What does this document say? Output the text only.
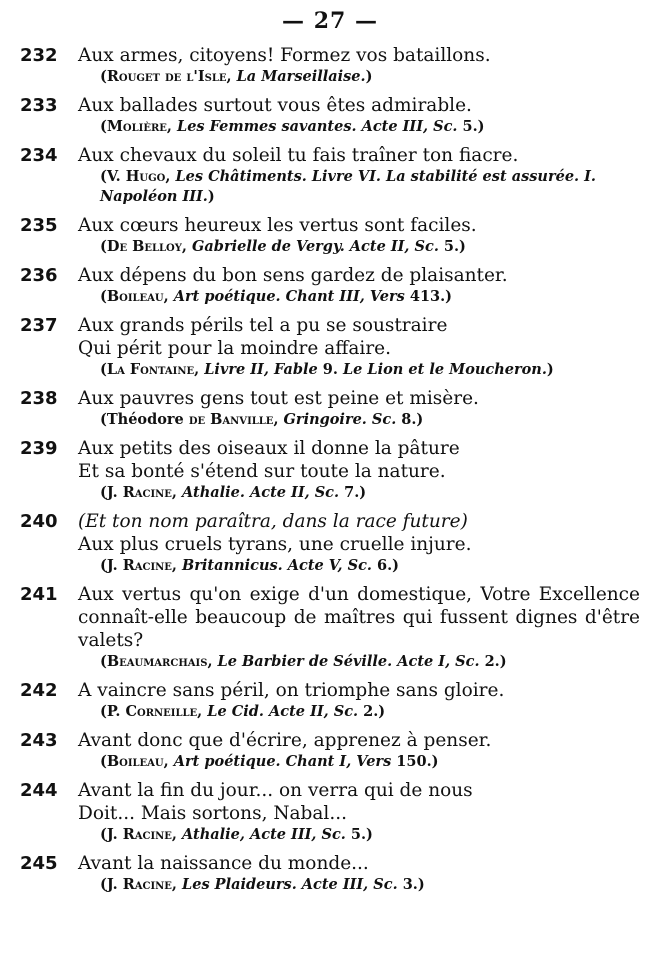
— 27 —
232 Aux armes, citoyens! Formez vos bataillons.
(Rouget de l'Isle, La Marseillaise.)
233 Aux ballades surtout vous êtes admirable.
(Molière, Les Femmes savantes. Acte III, Sc. 5.)
234 Aux chevaux du soleil tu fais traîner ton fiacre.
(V. Hugo, Les Châtiments. Livre VI. La stabilité est assurée. I. Napoléon III.)
235 Aux cœurs heureux les vertus sont faciles.
(De Belloy, Gabrielle de Vergy. Acte II, Sc. 5.)
236 Aux dépens du bon sens gardez de plaisanter.
(Boileau, Art poétique. Chant III, Vers 413.)
237 Aux grands périls tel a pu se soustraire
Qui périt pour la moindre affaire.
(La Fontaine, Livre II, Fable 9. Le Lion et le Moucheron.)
238 Aux pauvres gens tout est peine et misère.
(Théodore de Banville, Gringoire. Sc. 8.)
239 Aux petits des oiseaux il donne la pâture
Et sa bonté s'étend sur toute la nature.
(J. Racine, Athalie. Acte II, Sc. 7.)
240 (Et ton nom paraîtra, dans la race future)
Aux plus cruels tyrans, une cruelle injure.
(J. Racine, Britannicus. Acte V, Sc. 6.)
241 Aux vertus qu'on exige d'un domestique, Votre Excellence connaît-elle beaucoup de maîtres qui fussent dignes d'être valets?
(Beaumarchais, Le Barbier de Séville. Acte I, Sc. 2.)
242 A vaincre sans péril, on triomphe sans gloire.
(P. Corneille, Le Cid. Acte II, Sc. 2.)
243 Avant donc que d'écrire, apprenez à penser.
(Boileau, Art poétique. Chant I, Vers 150.)
244 Avant la fin du jour... on verra qui de nous
Doit... Mais sortons, Nabal...
(J. Racine, Athalie, Acte III, Sc. 5.)
245 Avant la naissance du monde...
(J. Racine, Les Plaideurs. Acte III, Sc. 3.)
